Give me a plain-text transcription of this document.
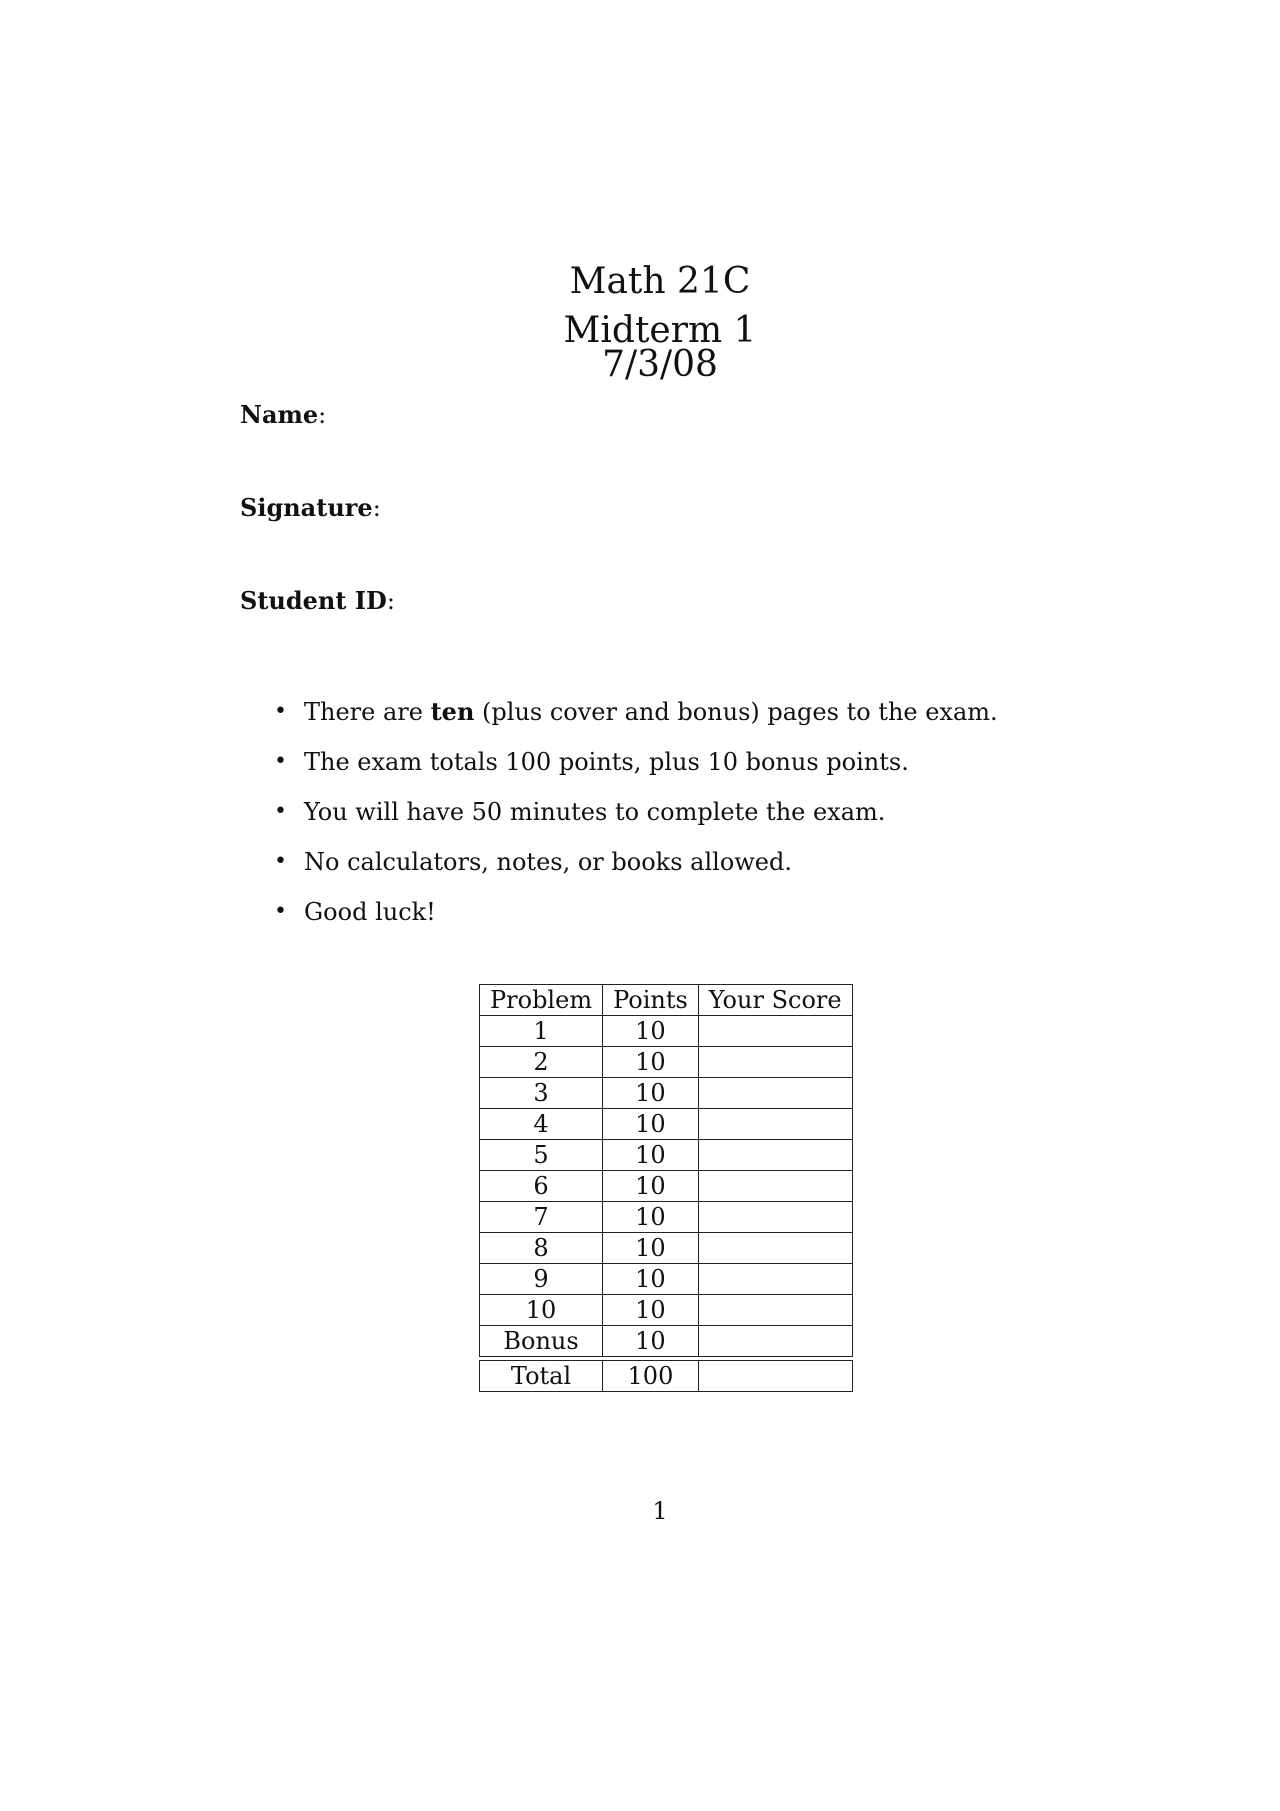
Math 21C
Midterm 1
7/3/08
Name:
Signature:
Student ID:
• There are ten (plus cover and bonus) pages to the exam.
• The exam totals 100 points, plus 10 bonus points.
• You will have 50 minutes to complete the exam.
• No calculators, notes, or books allowed.
• Good luck!
Problem	Points	Your Score
1	10	
2	10	
3	10	
4	10	
5	10	
6	10	
7	10	
8	10	
9	10	
10	10	
Bonus	10	

Total	100	
1
